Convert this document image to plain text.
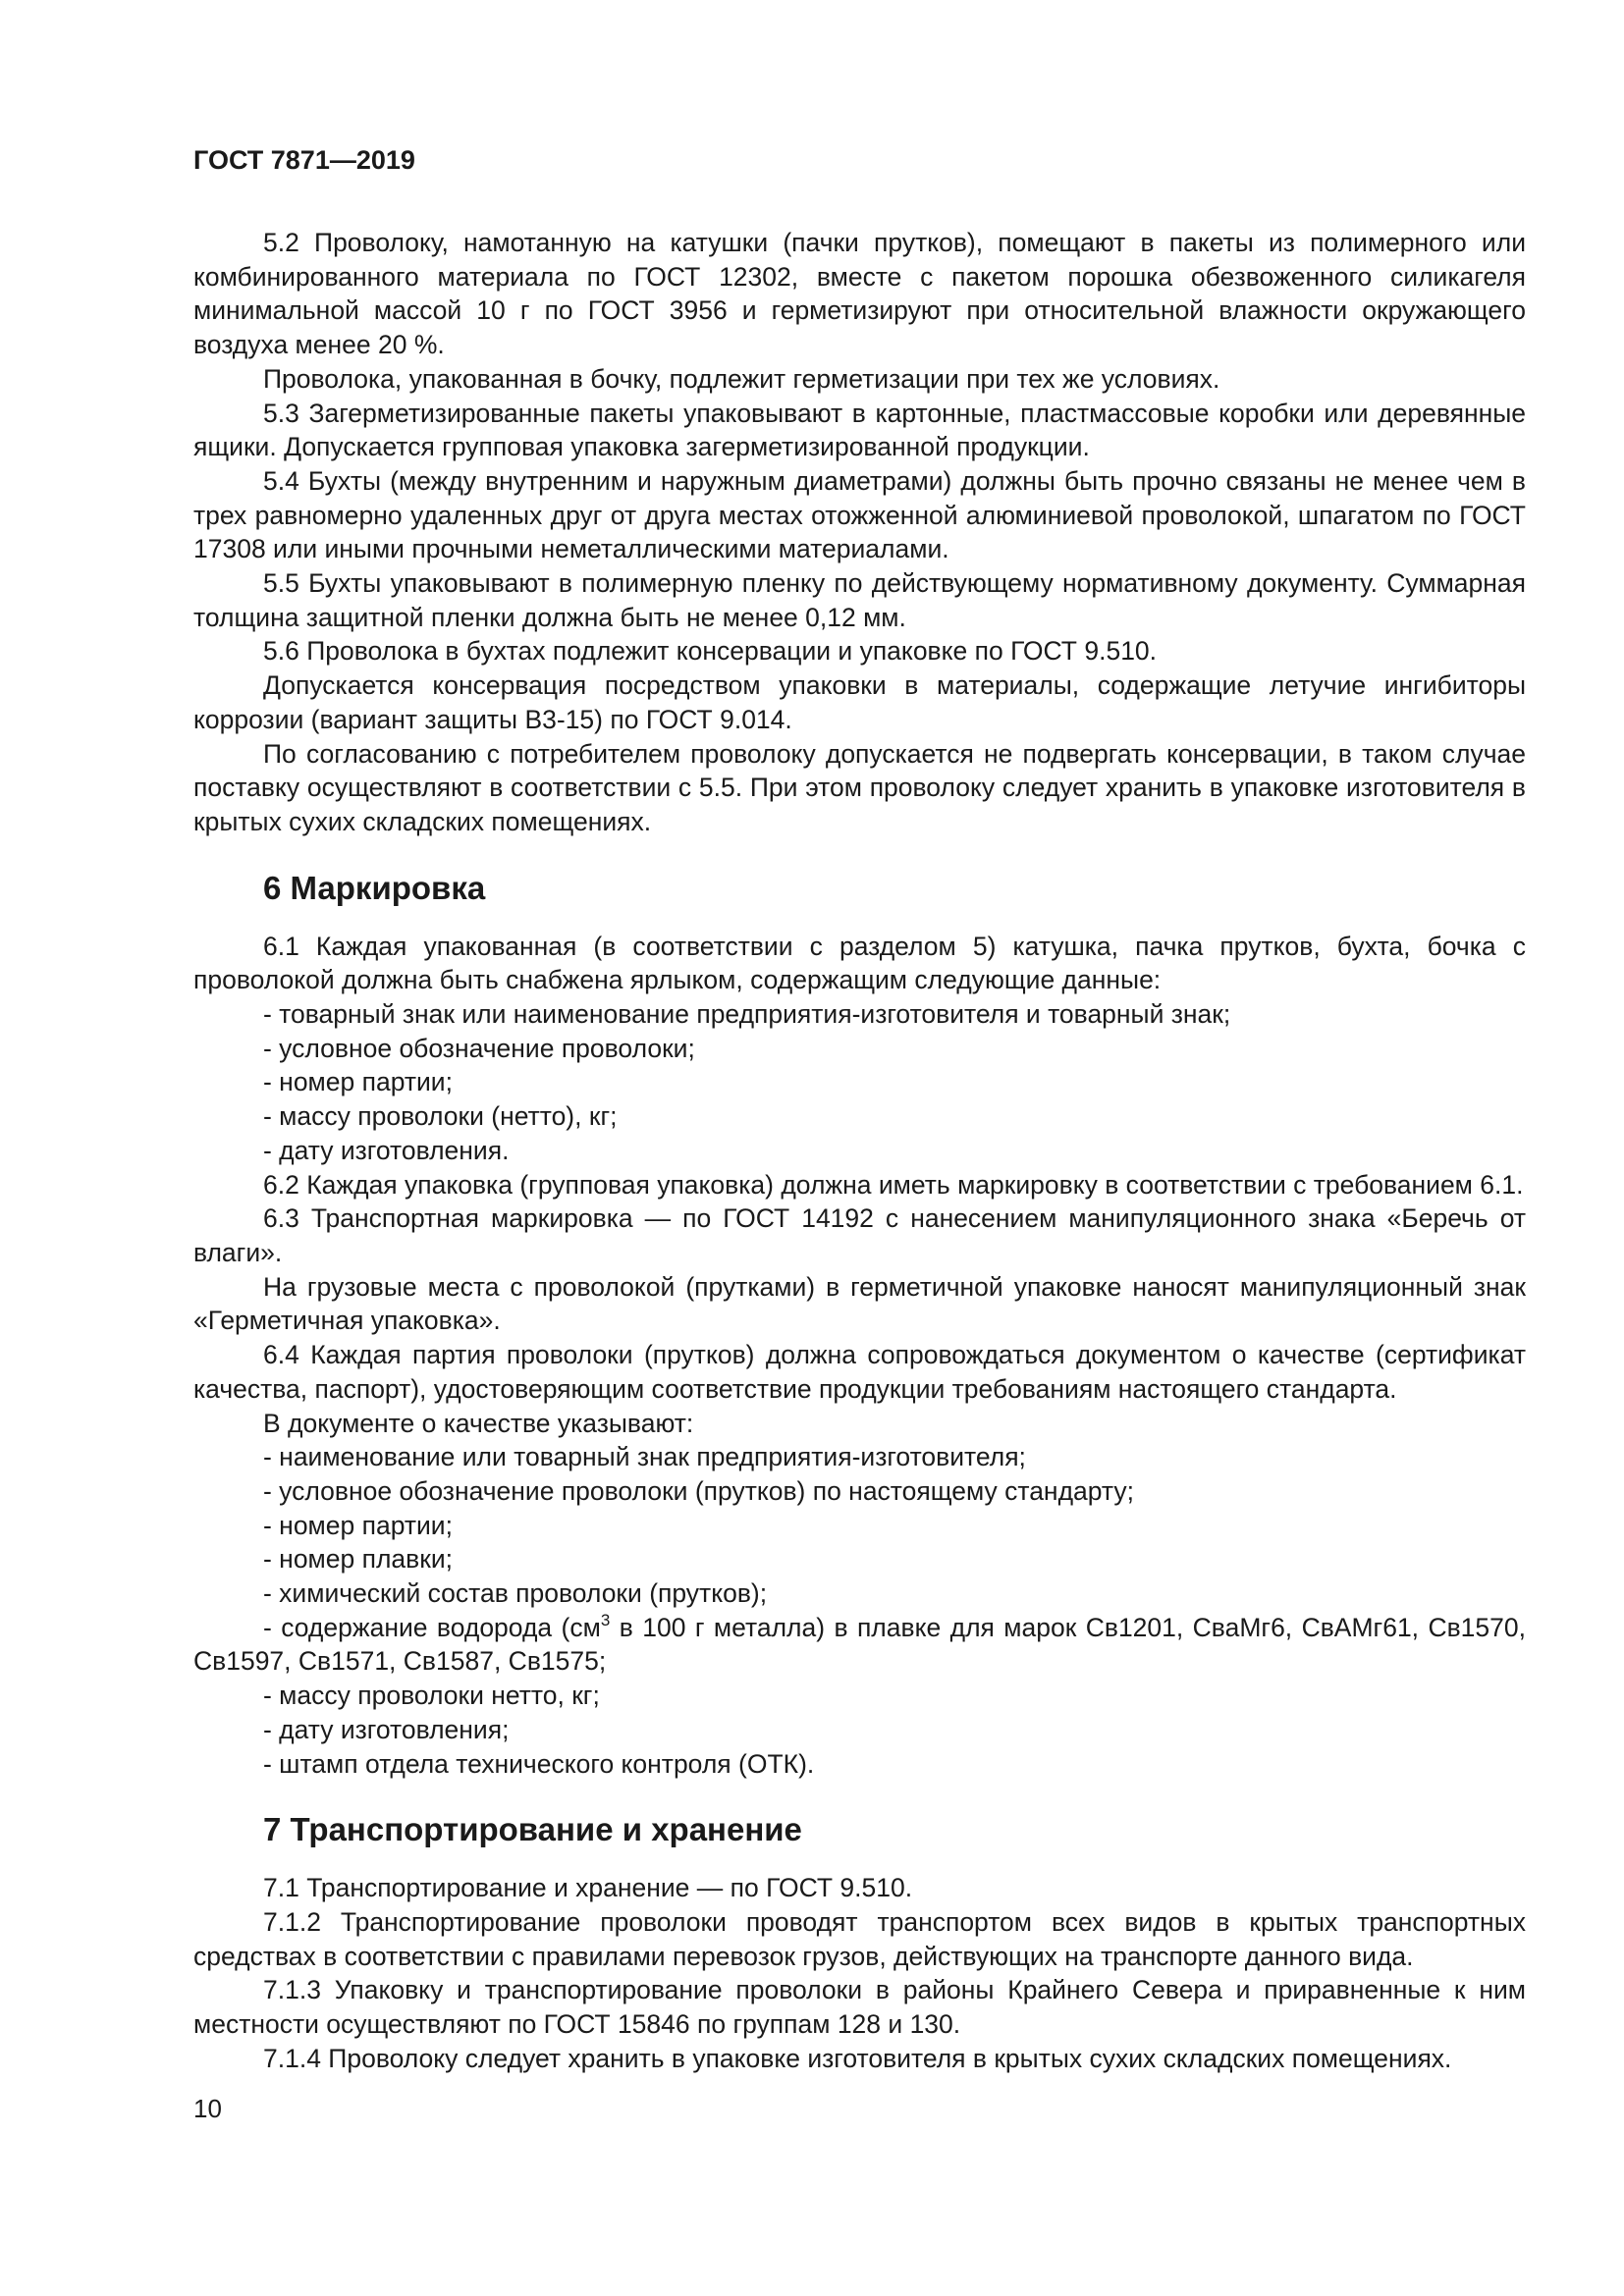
ГОСТ 7871—2019

5.2 Проволоку, намотанную на катушки (пачки прутков), помещают в пакеты из полимерного или комбинированного материала по ГОСТ 12302, вместе с пакетом порошка обезвоженного силикагеля минимальной массой 10 г по ГОСТ 3956 и герметизируют при относительной влажности окружающего воздуха менее 20 %.

Проволока, упакованная в бочку, подлежит герметизации при тех же условиях.

5.3 Загерметизированные пакеты упаковывают в картонные, пластмассовые коробки или деревянные ящики. Допускается групповая упаковка загерметизированной продукции.

5.4 Бухты (между внутренним и наружным диаметрами) должны быть прочно связаны не менее чем в трех равномерно удаленных друг от друга местах отожженной алюминиевой проволокой, шпагатом по ГОСТ 17308 или иными прочными неметаллическими материалами.

5.5 Бухты упаковывают в полимерную пленку по действующему нормативному документу. Суммарная толщина защитной пленки должна быть не менее 0,12 мм.

5.6 Проволока в бухтах подлежит консервации и упаковке по ГОСТ 9.510.

Допускается консервация посредством упаковки в материалы, содержащие летучие ингибиторы коррозии (вариант защиты В3-15) по ГОСТ 9.014.

По согласованию с потребителем проволоку допускается не подвергать консервации, в таком случае поставку осуществляют в соответствии с 5.5. При этом проволоку следует хранить в упаковке изготовителя в крытых сухих складских помещениях.

6 Маркировка

6.1 Каждая упакованная (в соответствии с разделом 5) катушка, пачка прутков, бухта, бочка с проволокой должна быть снабжена ярлыком, содержащим следующие данные:

- товарный знак или наименование предприятия-изготовителя и товарный знак;

- условное обозначение проволоки;

- номер партии;

- массу проволоки (нетто), кг;

- дату изготовления.

6.2 Каждая упаковка (групповая упаковка) должна иметь маркировку в соответствии с требованием 6.1.

6.3 Транспортная маркировка — по ГОСТ 14192 с нанесением манипуляционного знака «Беречь от влаги».

На грузовые места с проволокой (прутками) в герметичной упаковке наносят манипуляционный знак «Герметичная упаковка».

6.4 Каждая партия проволоки (прутков) должна сопровождаться документом о качестве (сертификат качества, паспорт), удостоверяющим соответствие продукции требованиям настоящего стандарта.

В документе о качестве указывают:

- наименование или товарный знак предприятия-изготовителя;

- условное обозначение проволоки (прутков) по настоящему стандарту;

- номер партии;

- номер плавки;

- химический состав проволоки (прутков);

- содержание водорода ($см^3$ в 100 г металла) в плавке для марок Св1201, СваМг6, СвАМг61, Св1570, Св1597, Св1571, Св1587, Св1575;

- массу проволоки нетто, кг;

- дату изготовления;

- штамп отдела технического контроля (ОТК).

7 Транспортирование и хранение

7.1 Транспортирование и хранение — по ГОСТ 9.510.

7.1.2 Транспортирование проволоки проводят транспортом всех видов в крытых транспортных средствах в соответствии с правилами перевозок грузов, действующих на транспорте данного вида.

7.1.3 Упаковку и транспортирование проволоки в районы Крайнего Севера и приравненные к ним местности осуществляют по ГОСТ 15846 по группам 128 и 130.

7.1.4 Проволоку следует хранить в упаковке изготовителя в крытых сухих складских помещениях.

10
